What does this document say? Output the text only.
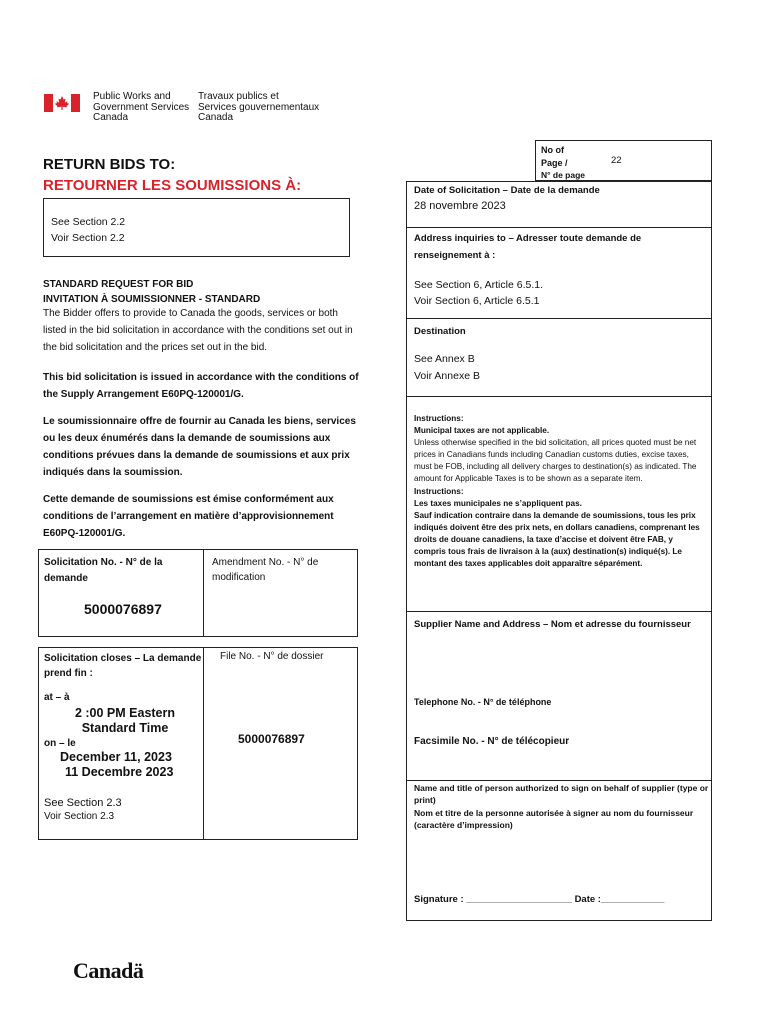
Public Works and
Government Services
Canada
Travaux publics et
Services gouvernementaux
Canada
RETURN BIDS TO:
RETOURNER LES SOUMISSIONS À:
See Section 2.2
Voir Section 2.2
STANDARD REQUEST FOR BID
INVITATION À SOUMISSIONNER - STANDARD
The Bidder offers to provide to Canada the goods, services or both listed in the bid solicitation in accordance with the conditions set out in the bid solicitation and the prices set out in the bid.
This bid solicitation is issued in accordance with the conditions of the Supply Arrangement E60PQ-120001/G.
Le soumissionnaire offre de fournir au Canada les biens, services ou les deux énumérés dans la demande de soumissions aux conditions prévues dans la demande de soumissions et aux prix indiqués dans la soumission.
Cette demande de soumissions est émise conformément aux conditions de l’arrangement en matière d’approvisionnement E60PQ-120001/G.
Solicitation No. - N° de la demande
5000076897
Amendment No. - N° de modification
Solicitation closes – La demande prend fin :
at – à
2 :00 PM Eastern
Standard Time
on – le
December 11, 2023
11 Decembre 2023
See Section 2.3
Voir Section 2.3
File No. - N° de dossier
5000076897
No of
Page /
N° de page
22
Date of Solicitation – Date de la demande
28 novembre 2023
Address inquiries to – Adresser toute demande de renseignement à :
See Section 6, Article 6.5.1.
Voir Section 6, Article 6.5.1
Destination
See Annex B
Voir Annexe B
Instructions:
Municipal taxes are not applicable.
Unless otherwise specified in the bid solicitation, all prices quoted must be net prices in Canadians funds including Canadian customs duties, excise taxes, must be FOB, including all delivery charges to destination(s) as indicated. The amount for Applicable Taxes is to be shown as a separate item.
Instructions:
Les taxes municipales ne s’appliquent pas.
Sauf indication contraire dans la demande de soumissions, tous les prix indiqués doivent être des prix nets, en dollars canadiens, comprenant les droits de douane canadiens, la taxe d’accise et doivent être FAB, y compris tous frais de livraison à la (aux) destination(s) indiqué(s). Le montant des taxes applicables doit apparaître séparément.
Supplier Name and Address – Nom et adresse du fournisseur
Telephone No. - N° de téléphone
Facsimile No. - N° de télécopieur
Name and title of person authorized to sign on behalf of supplier (type or print)
Nom et titre de la personne autorisée à signer au nom du fournisseur (caractère d’impression)
Signature : ____________________ Date :____________
Canadä
